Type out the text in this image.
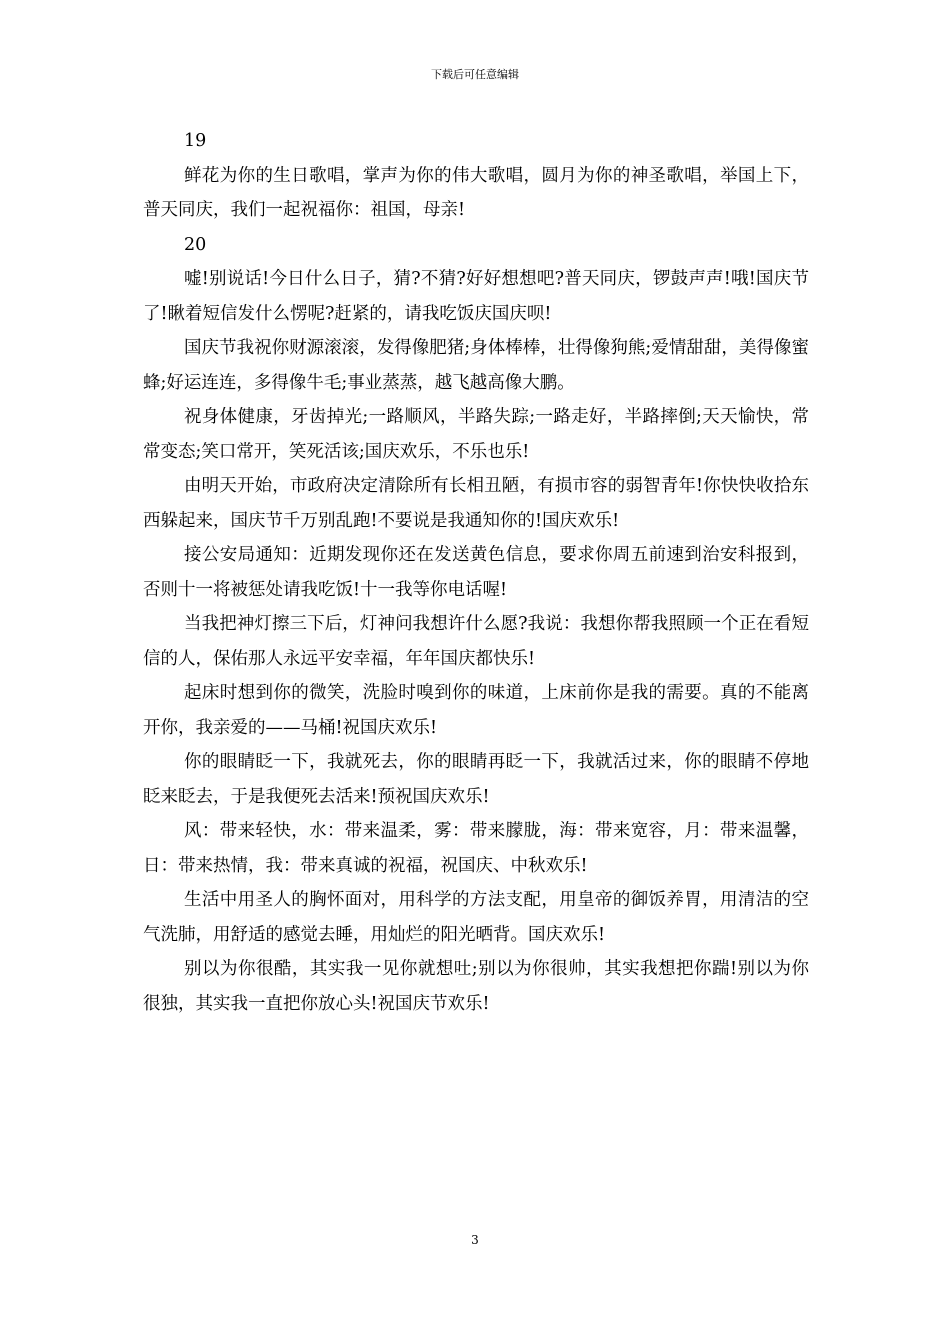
下载后可任意编辑

19

鲜花为你的生日歌唱，掌声为你的伟大歌唱，圆月为你的神圣歌唱，举国上下，普天同庆，我们一起祝福你：祖国，母亲!

20

嘘!别说话!今日什么日子，猜?不猜?好好想想吧?普天同庆，锣鼓声声!哦!国庆节了!瞅着短信发什么愣呢?赶紧的，请我吃饭庆国庆呗!

国庆节我祝你财源滚滚，发得像肥猪;身体棒棒，壮得像狗熊;爱情甜甜，美得像蜜蜂;好运连连，多得像牛毛;事业蒸蒸，越飞越高像大鹏。

祝身体健康，牙齿掉光;一路顺风，半路失踪;一路走好，半路摔倒;天天愉快，常常变态;笑口常开，笑死活该;国庆欢乐，不乐也乐!

由明天开始，市政府决定清除所有长相丑陋，有损市容的弱智青年!你快快收拾东西躲起来，国庆节千万别乱跑!不要说是我通知你的!国庆欢乐!

接公安局通知：近期发现你还在发送黄色信息，要求你周五前速到治安科报到，否则十一将被惩处请我吃饭!十一我等你电话喔!

当我把神灯擦三下后，灯神问我想许什么愿?我说：我想你帮我照顾一个正在看短信的人，保佑那人永远平安幸福，年年国庆都快乐!

起床时想到你的微笑，洗脸时嗅到你的味道，上床前你是我的需要。真的不能离开你，我亲爱的——马桶!祝国庆欢乐!

你的眼睛眨一下，我就死去，你的眼睛再眨一下，我就活过来，你的眼睛不停地眨来眨去，于是我便死去活来!预祝国庆欢乐!

风：带来轻快，水：带来温柔，雾：带来朦胧，海：带来宽容，月：带来温馨，日：带来热情，我：带来真诚的祝福，祝国庆、中秋欢乐!

生活中用圣人的胸怀面对，用科学的方法支配，用皇帝的御饭养胃，用清洁的空气洗肺，用舒适的感觉去睡，用灿烂的阳光晒背。国庆欢乐!

别以为你很酷，其实我一见你就想吐;别以为你很帅，其实我想把你踹!别以为你很独，其实我一直把你放心头!祝国庆节欢乐!

3
